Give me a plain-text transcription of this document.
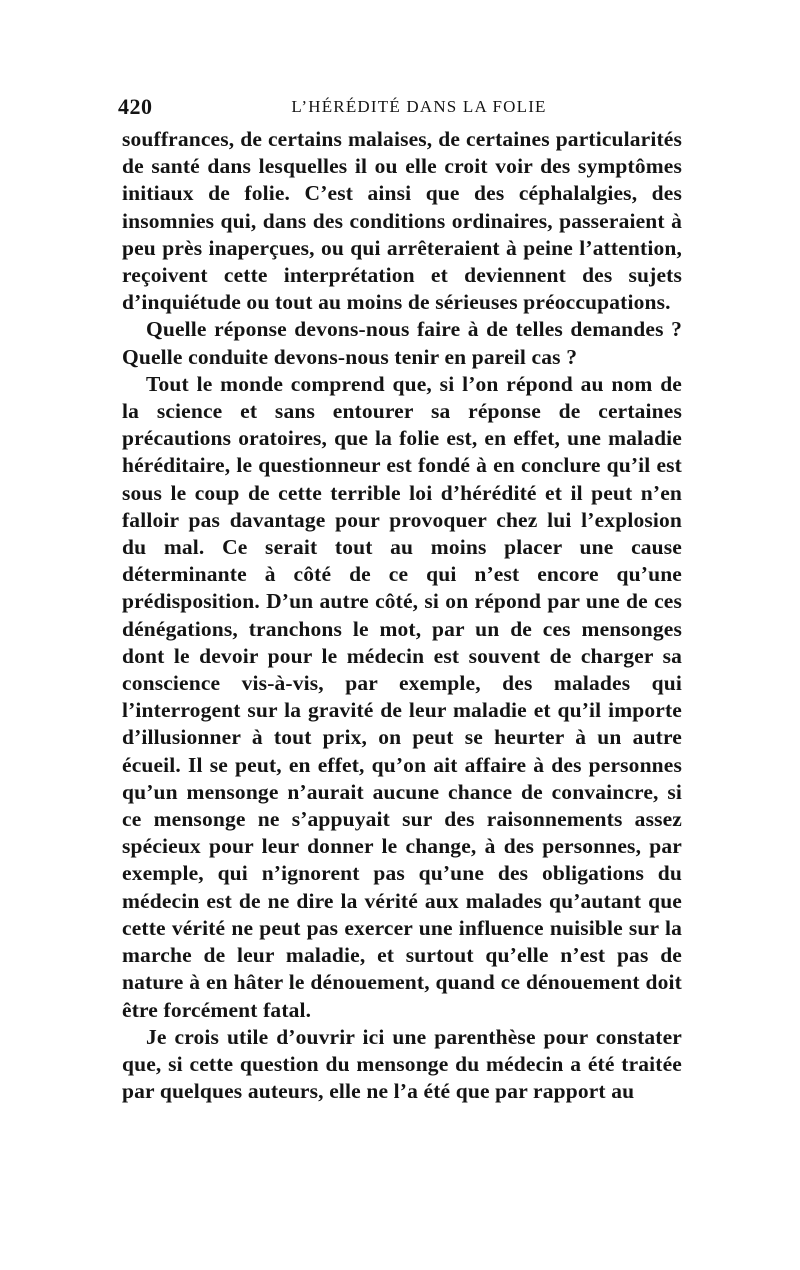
420	L’HÉRÉDITÉ DANS LA FOLIE

souffrances, de certains malaises, de certaines particularités de santé dans lesquelles il ou elle croit voir des symptômes initiaux de folie. C’est ainsi que des céphalalgies, des insomnies qui, dans des conditions ordinaires, passeraient à peu près inaperçues, ou qui arrêteraient à peine l’attention, reçoivent cette interprétation et deviennent des sujets d’inquiétude ou tout au moins de sérieuses préoccupations.

Quelle réponse devons-nous faire à de telles demandes ? Quelle conduite devons-nous tenir en pareil cas ?

Tout le monde comprend que, si l’on répond au nom de la science et sans entourer sa réponse de certaines précautions oratoires, que la folie est, en effet, une maladie héréditaire, le questionneur est fondé à en conclure qu’il est sous le coup de cette terrible loi d’hérédité et il peut n’en falloir pas davantage pour provoquer chez lui l’explosion du mal. Ce serait tout au moins placer une cause déterminante à côté de ce qui n’est encore qu’une prédisposition. D’un autre côté, si on répond par une de ces dénégations, tranchons le mot, par un de ces mensonges dont le devoir pour le médecin est souvent de charger sa conscience vis-à-vis, par exemple, des malades qui l’interrogent sur la gravité de leur maladie et qu’il importe d’illusionner à tout prix, on peut se heurter à un autre écueil. Il se peut, en effet, qu’on ait affaire à des personnes qu’un mensonge n’aurait aucune chance de convaincre, si ce mensonge ne s’appuyait sur des raisonnements assez spécieux pour leur donner le change, à des personnes, par exemple, qui n’ignorent pas qu’une des obligations du médecin est de ne dire la vérité aux malades qu’autant que cette vérité ne peut pas exercer une influence nuisible sur la marche de leur maladie, et surtout qu’elle n’est pas de nature à en hâter le dénouement, quand ce dénouement doit être forcément fatal.

Je crois utile d’ouvrir ici une parenthèse pour constater que, si cette question du mensonge du médecin a été traitée par quelques auteurs, elle ne l’a été que par rapport au
